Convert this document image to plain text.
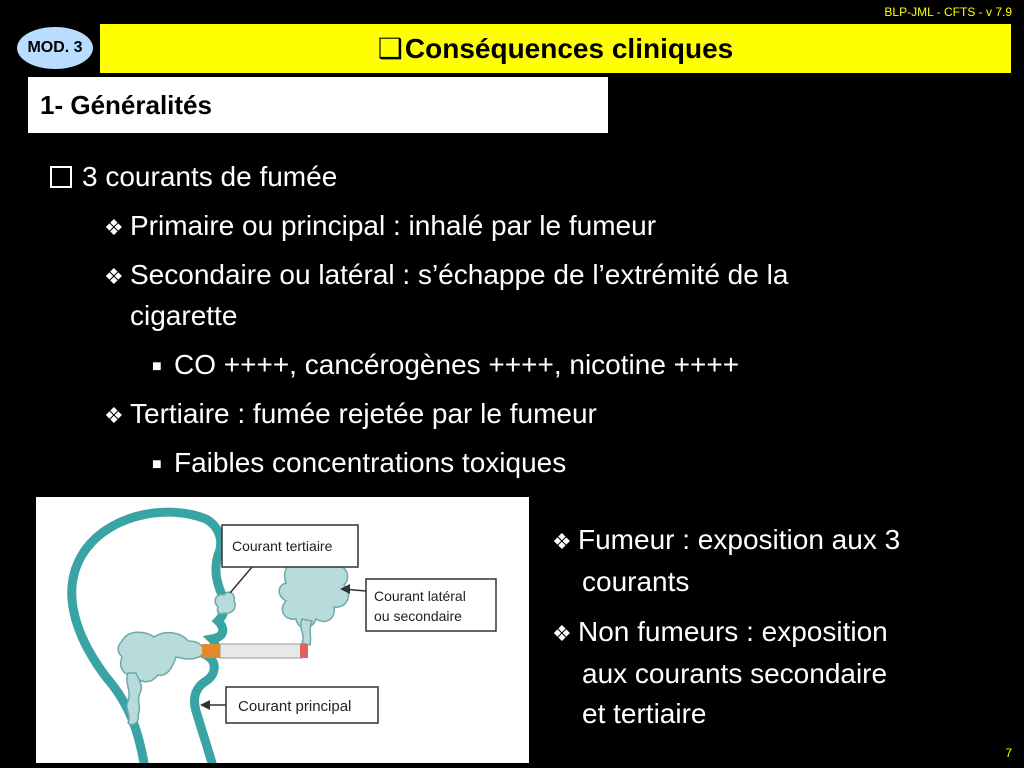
BLP-JML - CFTS - v 7.9
MOD. 3	❑ Conséquences cliniques
1- Généralités
3 courants de fumée
❖ Primaire ou principal : inhalé par le fumeur
❖ Secondaire ou latéral : s’échappe de l’extrémité de la
cigarette
■ CO ++++, cancérogènes ++++, nicotine ++++
❖ Tertiaire : fumée rejetée par le fumeur
■ Faibles concentrations toxiques
Courant tertiaire
Courant latéral
ou secondaire
Courant principal
❖ Fumeur : exposition aux 3
courants
❖ Non fumeurs : exposition
aux courants secondaire
et tertiaire
7
